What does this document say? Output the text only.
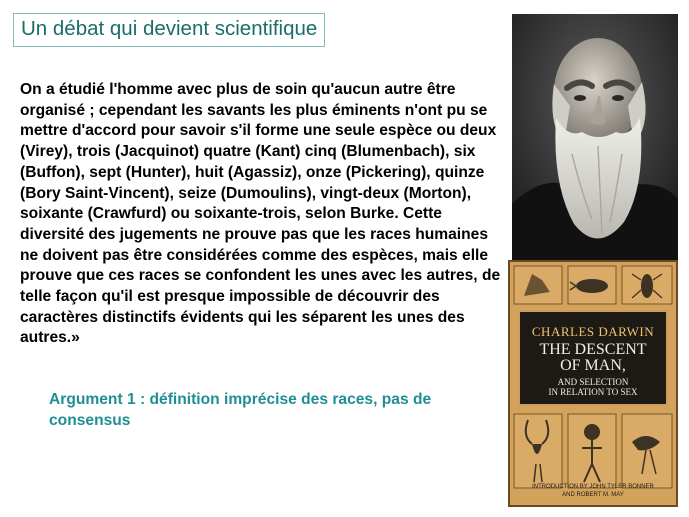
Un débat qui devient scientifique

On a étudié l'homme avec plus de soin qu'aucun autre être organisé ; cependant les savants les plus éminents n'ont pu se mettre d'accord pour savoir s'il forme une seule espèce ou deux (Virey), trois (Jacquinot) quatre (Kant) cinq (Blumenbach), six (Buffon), sept (Hunter), huit (Agassiz), onze (Pickering), quinze (Bory Saint-Vincent), seize (Dumoulins), vingt-deux (Morton), soixante (Crawfurd) ou soixante-trois, selon Burke. Cette diversité des jugements ne prouve pas que les races humaines ne doivent pas être considérées comme des espèces, mais elle prouve que ces races se confondent les unes avec les autres, de telle façon qu'il est presque impossible de découvrir des caractères distinctifs évidents qui les séparent les unes des autres.»

Argument 1 : définition imprécise des races, pas de consensus

CHARLES DARWIN
THE DESCENT
OF MAN,
AND SELECTION
IN RELATION TO SEX
INTRODUCTION BY JOHN TYLER BONNER
AND ROBERT M. MAY
